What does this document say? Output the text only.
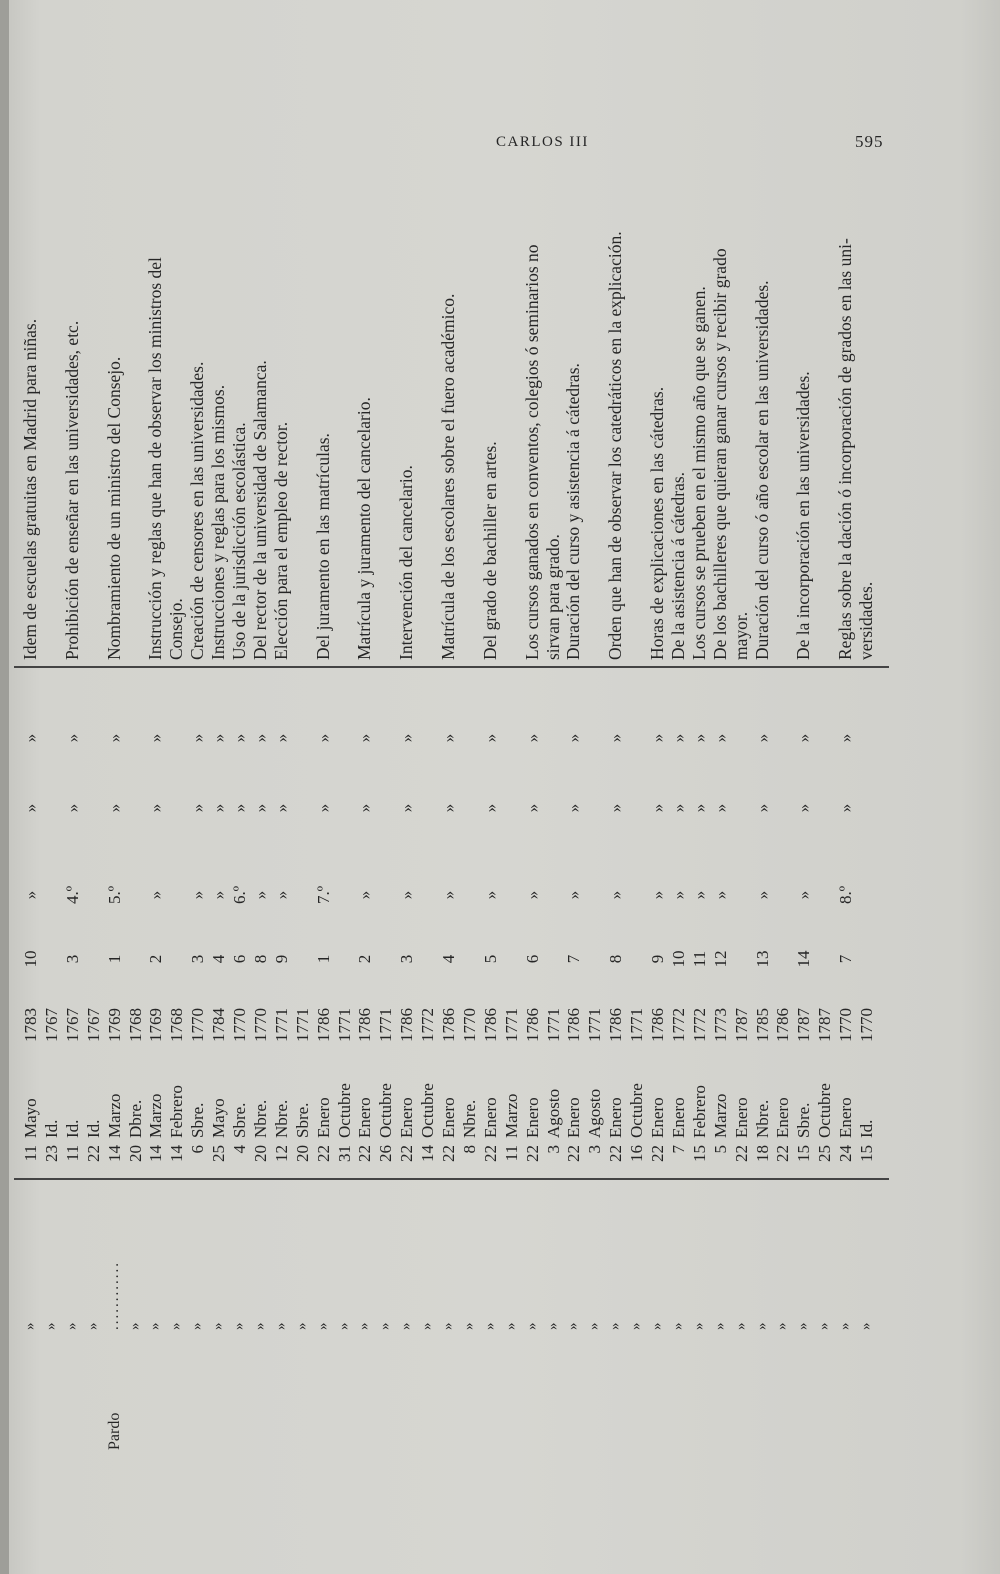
CARLOS III	595
»
11
Mayo
1783
10
»
»
»
Idem de escuelas gratuitas en Madrid para niñas.
»
23
Id.
1767
»
11
Id.
1767
3
4.º
»
»
Prohibición de enseñar en las universidades, etc.
»
22
Id.
1767
Pardo
............
14
Marzo
1769
1
5.º
»
»
Nombramiento de un ministro del Consejo.
»
20
Dbre.
1768
»
14
Marzo
1769
2
»
»
»
Instrucción y reglas que han de observar los ministros del
»
14
Febrero
1768
Consejo.
»
6
Sbre.
1770
3
»
»
»
Creación de censores en las universidades.
»
25
Mayo
1784
4
»
»
»
Instrucciones y reglas para los mismos.
»
4
Sbre.
1770
6
6.º
»
»
Uso de la jurisdicción escolástica.
»
20
Nbre.
1770
8
»
»
»
Del rector de la universidad de Salamanca.
»
12
Nbre.
1771
9
»
»
»
Elección para el empleo de rector.
»
20
Sbre.
1771
»
22
Enero
1786
1
7.º
»
»
Del juramento en las matrículas.
»
31
Octubre
1771
»
22
Enero
1786
2
»
»
»
Matrícula y juramento del cancelario.
»
26
Octubre
1771
»
22
Enero
1786
3
»
»
»
Intervención del cancelario.
»
14
Octubre
1772
»
22
Enero
1786
4
»
»
»
Matrícula de los escolares sobre el fuero académico.
»
8
Nbre.
1770
»
22
Enero
1786
5
»
»
»
Del grado de bachiller en artes.
»
11
Marzo
1771
»
22
Enero
1786
6
»
»
»
Los cursos ganados en conventos, colegios ó seminarios no
»
3
Agosto
1771
sirvan para grado.
»
22
Enero
1786
7
»
»
»
Duración del curso y asistencia á cátedras.
»
3
Agosto
1771
»
22
Enero
1786
8
»
»
»
Orden que han de observar los catedráticos en la explicación.
»
16
Octubre
1771
»
22
Enero
1786
9
»
»
»
Horas de explicaciones en las cátedras.
»
7
Enero
1772
10
»
»
»
De la asistencia á cátedras.
»
15
Febrero
1772
11
»
»
»
Los cursos se prueben en el mismo año que se ganen.
»
5
Marzo
1773
12
»
»
»
De los bachilleres que quieran ganar cursos y recibir grado
»
22
Enero
1787
mayor.
»
18
Nbre.
1785
13
»
»
»
Duración del curso ó año escolar en las universidades.
»
22
Enero
1786
»
15
Sbre.
1787
14
»
»
»
De la incorporación en las universidades.
»
25
Octubre
1787
»
24
Enero
1770
7
8.º
»
»
Reglas sobre la dación ó incorporación de grados en las uni-
»
15
Id.
1770
versidades.
